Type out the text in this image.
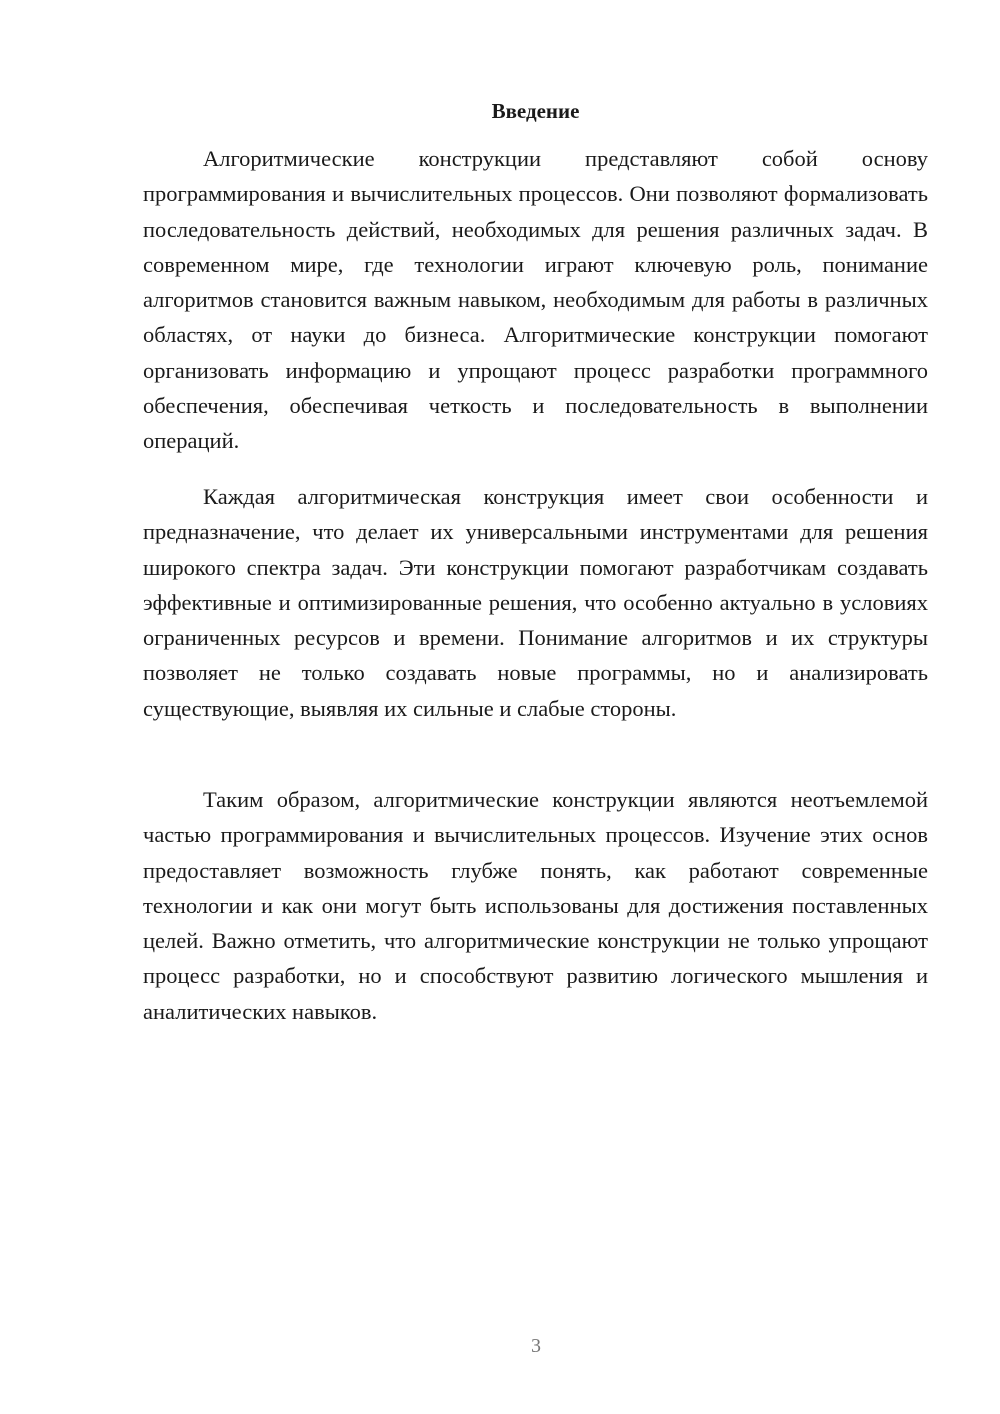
Введение

Алгоритмические конструкции представляют собой основу программирования и вычислительных процессов. Они позволяют формализовать последовательность действий, необходимых для решения различных задач. В современном мире, где технологии играют ключевую роль, понимание алгоритмов становится важным навыком, необходимым для работы в различных областях, от науки до бизнеса. Алгоритмические конструкции помогают организовать информацию и упрощают процесс разработки программного обеспечения, обеспечивая четкость и последовательность в выполнении операций.

Каждая алгоритмическая конструкция имеет свои особенности и предназначение, что делает их универсальными инструментами для решения широкого спектра задач. Эти конструкции помогают разработчикам создавать эффективные и оптимизированные решения, что особенно актуально в условиях ограниченных ресурсов и времени. Понимание алгоритмов и их структуры позволяет не только создавать новые программы, но и анализировать существующие, выявляя их сильные и слабые стороны.

Таким образом, алгоритмические конструкции являются неотъемлемой частью программирования и вычислительных процессов. Изучение этих основ предоставляет возможность глубже понять, как работают современные технологии и как они могут быть использованы для достижения поставленных целей. Важно отметить, что алгоритмические конструкции не только упрощают процесс разработки, но и способствуют развитию логического мышления и аналитических навыков.

3
